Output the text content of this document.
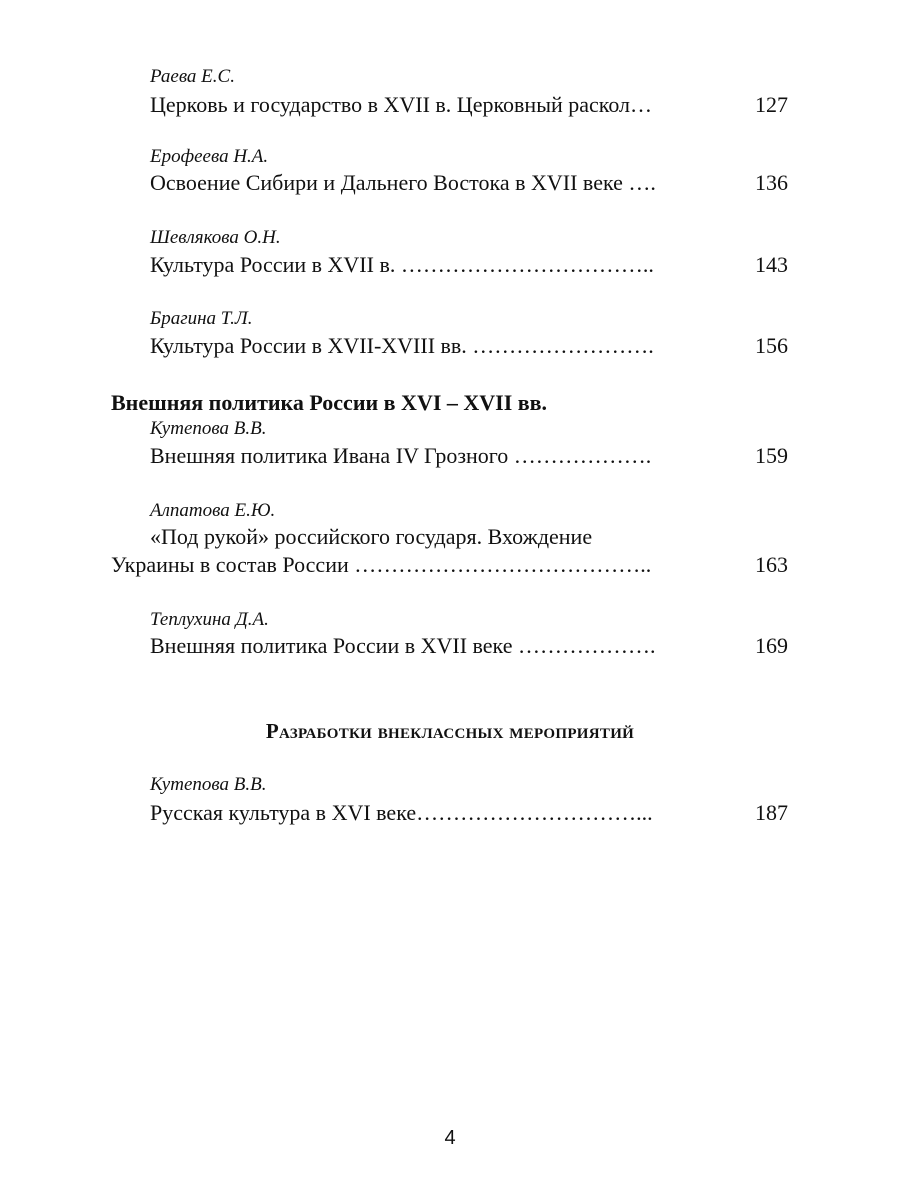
Раева Е.С.
Церковь и государство в XVII в. Церковный раскол…	127
Ерофеева Н.А.
Освоение Сибири и Дальнего Востока в XVII веке ….	136
Шевлякова О.Н.
Культура России в XVII в. ……………………………..	143
Брагина Т.Л.
Культура России в XVII-XVIII вв. …………………….	156
Внешняя политика России в XVI – XVII вв.
Кутепова В.В.
Внешняя политика Ивана IV Грозного ……………….	159
Алпатова Е.Ю.
«Под рукой» российского государя. Вхождение
Украины в состав России …………………………………..	163
Теплухина Д.А.
Внешняя политика России в XVII веке ……………….	169
Разработки внеклассных мероприятий
Кутепова В.В.
Русская культура в XVI веке…………………………...	187
4
